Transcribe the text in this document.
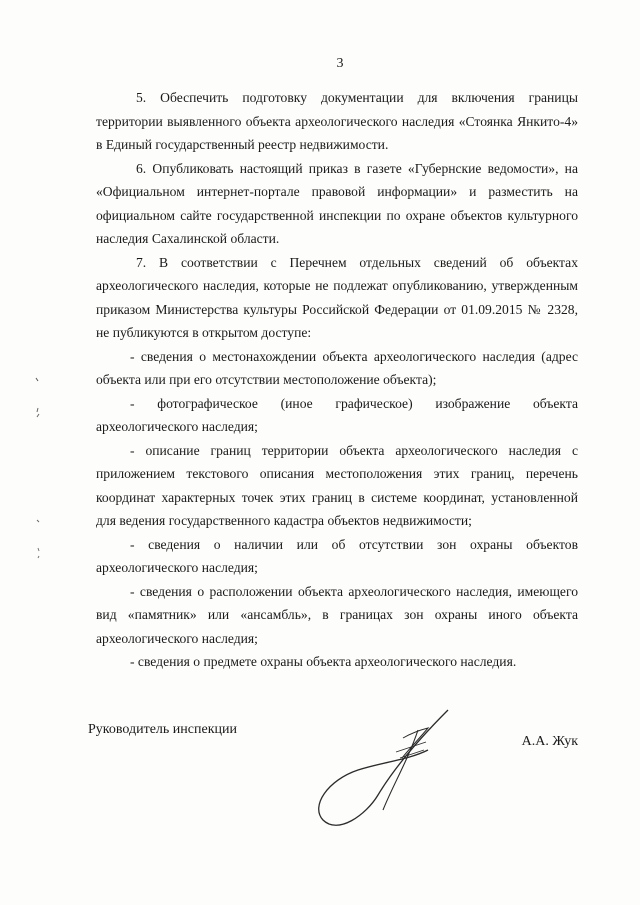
3

5. Обеспечить подготовку документации для включения границы территории выявленного объекта археологического наследия «Стоянка Янкито-4» в Единый государственный реестр недвижимости.

6. Опубликовать настоящий приказ в газете «Губернские ведомости», на «Официальном интернет-портале правовой информации» и разместить на официальном сайте государственной инспекции по охране объектов культурного наследия Сахалинской области.

7. В соответствии с Перечнем отдельных сведений об объектах археологического наследия, которые не подлежат опубликованию, утвержденным приказом Министерства культуры Российской Федерации от 01.09.2015 № 2328, не публикуются в открытом доступе:

- сведения о местонахождении объекта археологического наследия (адрес объекта или при его отсутствии местоположение объекта);

- фотографическое (иное графическое) изображение объекта археологического наследия;

- описание границ территории объекта археологического наследия с приложением текстового описания местоположения этих границ, перечень координат характерных точек этих границ в системе координат, установленной для ведения государственного кадастра объектов недвижимости;

- сведения о наличии или об отсутствии зон охраны объектов археологического наследия;

- сведения о расположении объекта археологического наследия, имеющего вид «памятник» или «ансамбль», в границах зон охраны иного объекта археологического наследия;

- сведения о предмете охраны объекта археологического наследия.

Руководитель инспекции
А.А. Жук
